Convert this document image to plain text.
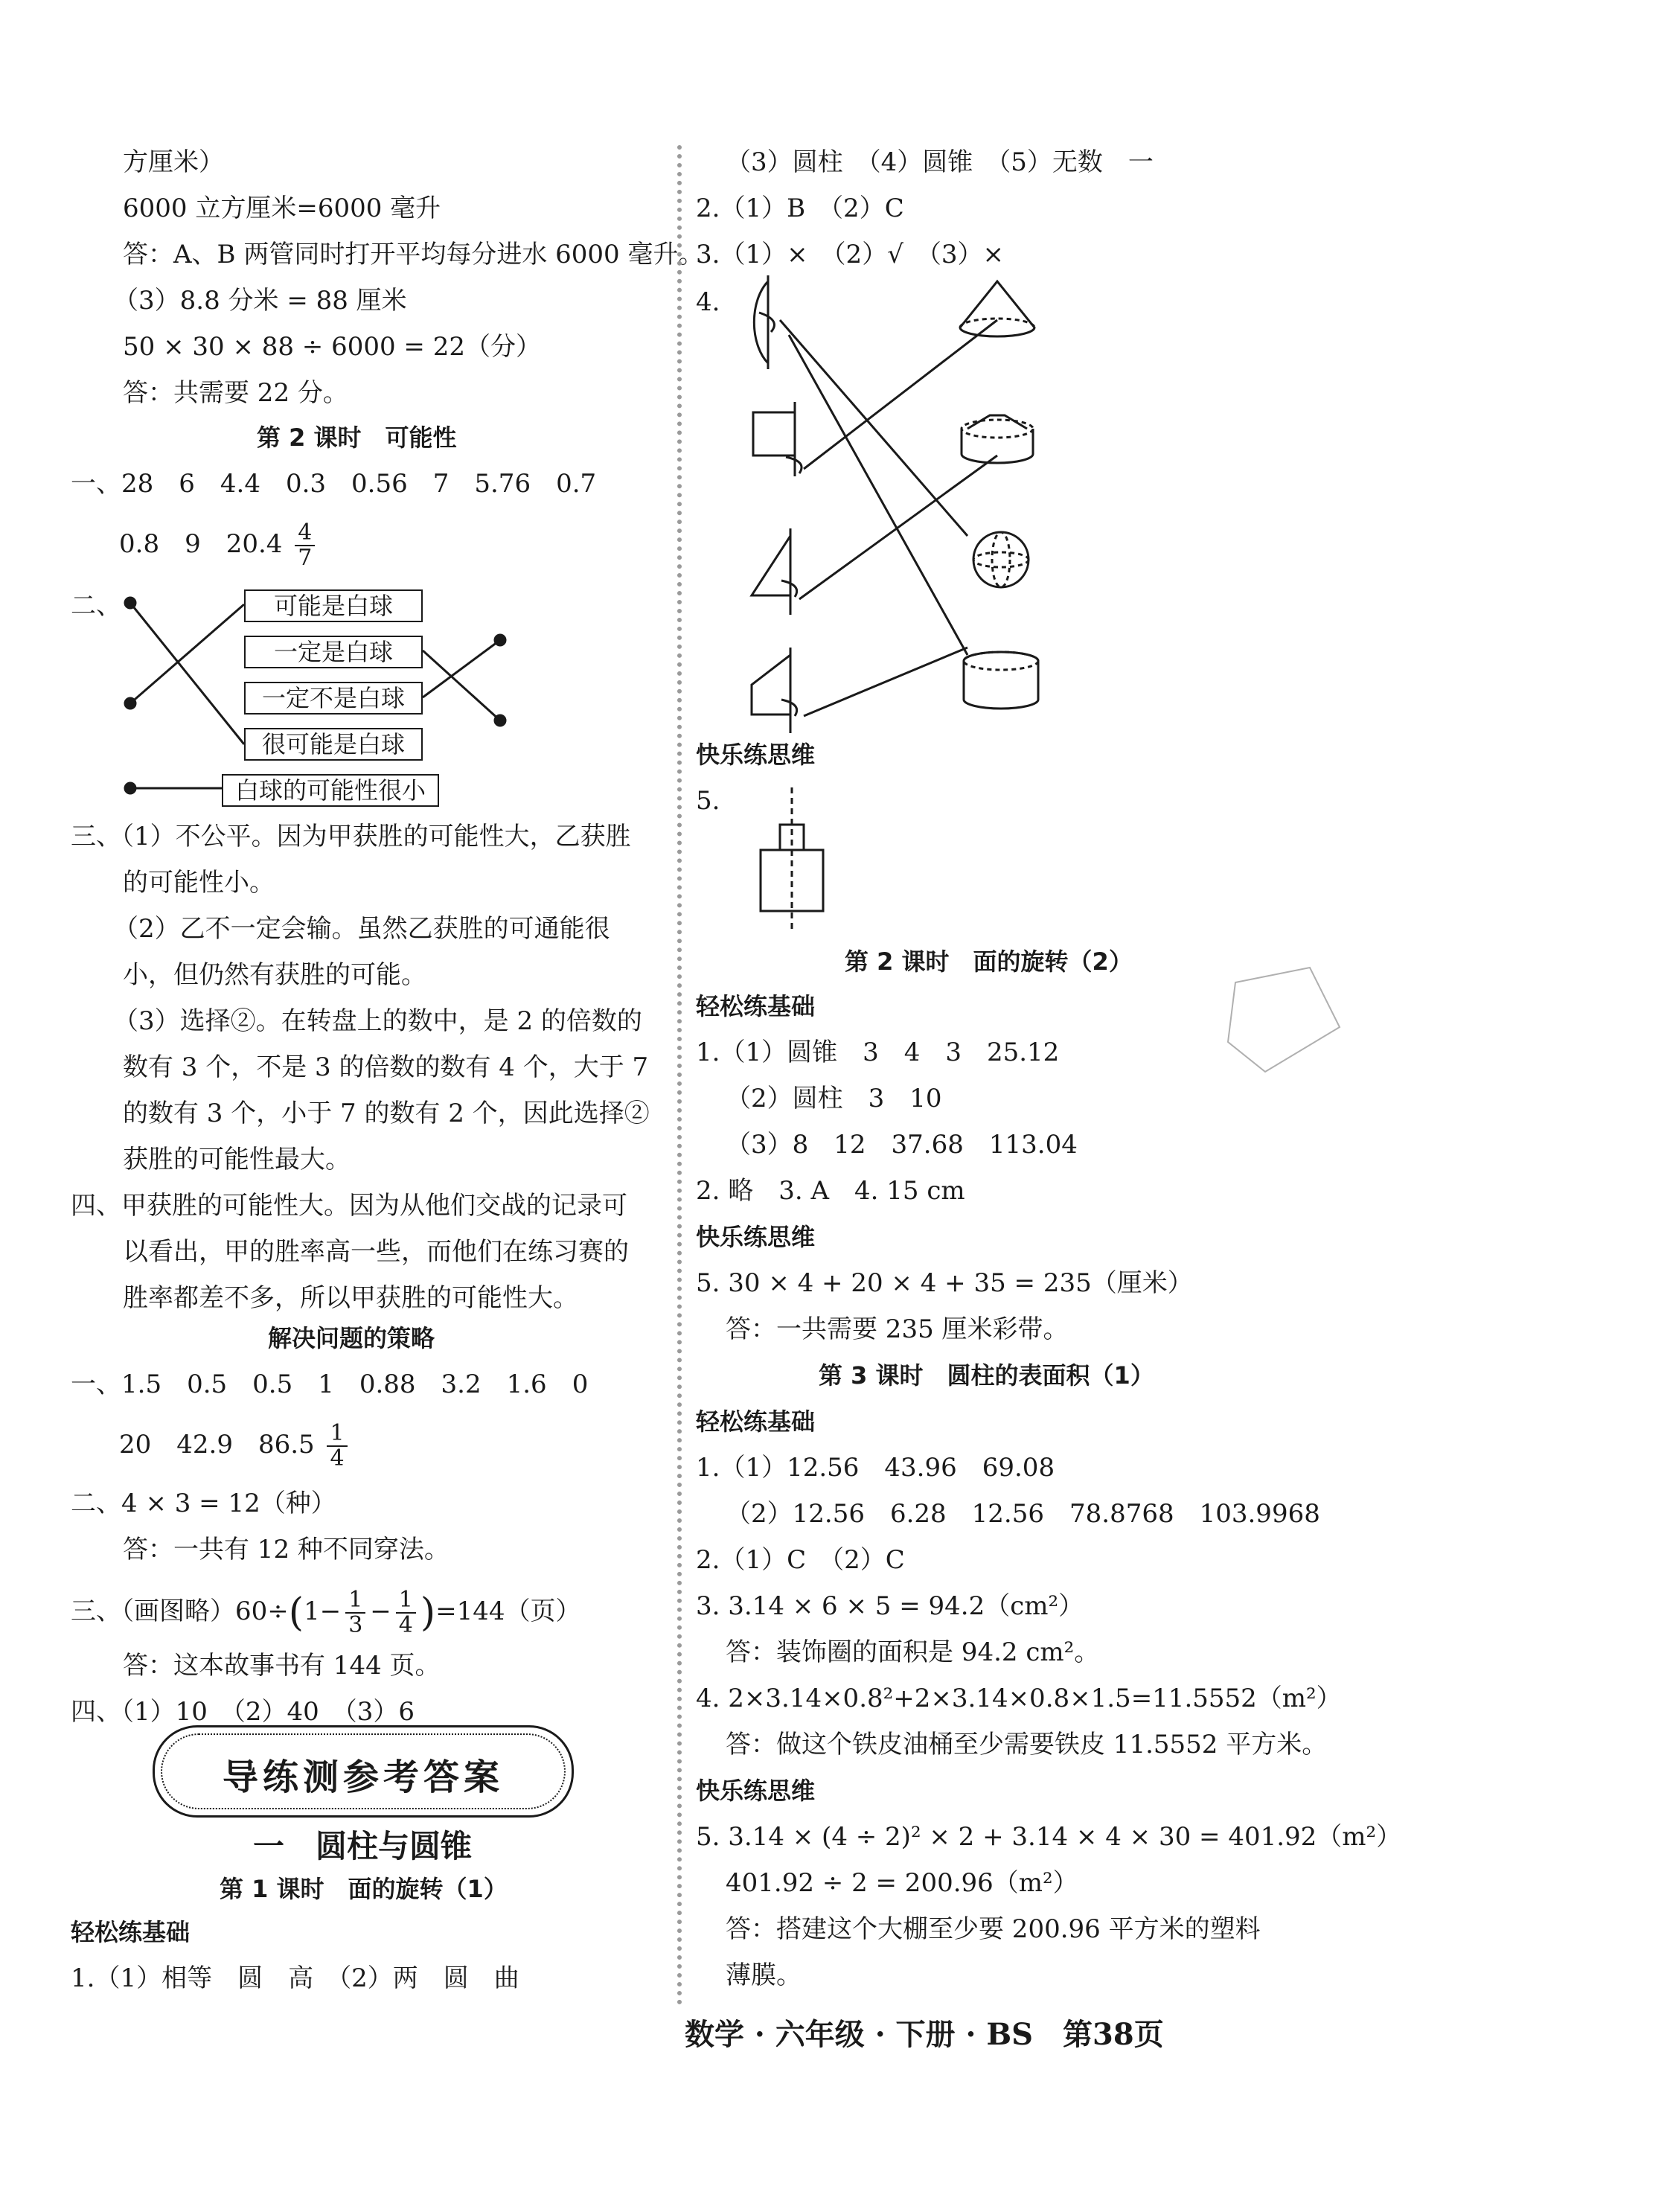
方厘米）
6000 立方厘米=6000 毫升
答：A、B 两管同时打开平均每分进水 6000 毫升。
（3）8.8 分米 = 88 厘米
50 × 30 × 88 ÷ 6000 = 22（分）
答：共需要 22 分。
第 2 课时　可能性
一、28　6　4.4　0.3　0.56　7　5.76　0.7
0.8　9　$20.4 \frac{4}{7}$
二、	可能是白球
一定是白球
一定不是白球
很可能是白球
白球的可能性很小
三、（1）不公平。因为甲获胜的可能性大，乙获胜
的可能性小。
（2）乙不一定会输。虽然乙获胜的可通能很
小，但仍然有获胜的可能。
（3）选择②。在转盘上的数中，是 2 的倍数的
数有 3 个，不是 3 的倍数的数有 4 个，大于 7
的数有 3 个，小于 7 的数有 2 个，因此选择②
获胜的可能性最大。
四、甲获胜的可能性大。因为从他们交战的记录可
以看出，甲的胜率高一些，而他们在练习赛的
胜率都差不多，所以甲获胜的可能性大。
解决问题的策略
一、1.5　0.5　0.5　1　0.88　3.2　1.6　0
20　42.9　$86.5 \frac{1}{4}$
二、4 × 3 = 12（种）
答：一共有 12 种不同穿法。
三、（画图略）$60\div(1- \frac{1}{3} - \frac{1}{4} )=144$（页）
答：这本故事书有 144 页。
四、（1）10　（2）40　（3）6
导练测参考答案
一　圆柱与圆锥
第 1 课时　面的旋转（1）
轻松练基础
1.（1）相等　圆　高　（2）两　圆　曲
（3）圆柱　（4）圆锥　（5）无数　一
2.（1）B　（2）C
3.（1）×　（2）√　（3）×
4.
快乐练思维
5.
第 2 课时　面的旋转（2）
轻松练基础
1.（1）圆锥　3　4　3　25.12
（2）圆柱　3　10
（3）8　12　37.68　113.04
2. 略　3. A　4. 15 cm
快乐练思维
5. 30 × 4 + 20 × 4 + 35 = 235（厘米）
答：一共需要 235 厘米彩带。
第 3 课时　圆柱的表面积（1）
轻松练基础
1.（1）12.56　43.96　69.08
（2）12.56　6.28　12.56　78.8768　103.9968
2.（1）C　（2）C
3. 3.14 × 6 × 5 = 94.2（cm²）
答：装饰圈的面积是 94.2 cm²。
4. 2×3.14×0.8²+2×3.14×0.8×1.5=11.5552（m²）
答：做这个铁皮油桶至少需要铁皮 11.5552 平方米。
快乐练思维
5. 3.14 × (4 ÷ 2)² × 2 + 3.14 × 4 × 30 = 401.92（m²）
401.92 ÷ 2 = 200.96（m²）
答：搭建这个大棚至少要 200.96 平方米的塑料
薄膜。
数学 · 六年级 · 下册 · BS　第38页
